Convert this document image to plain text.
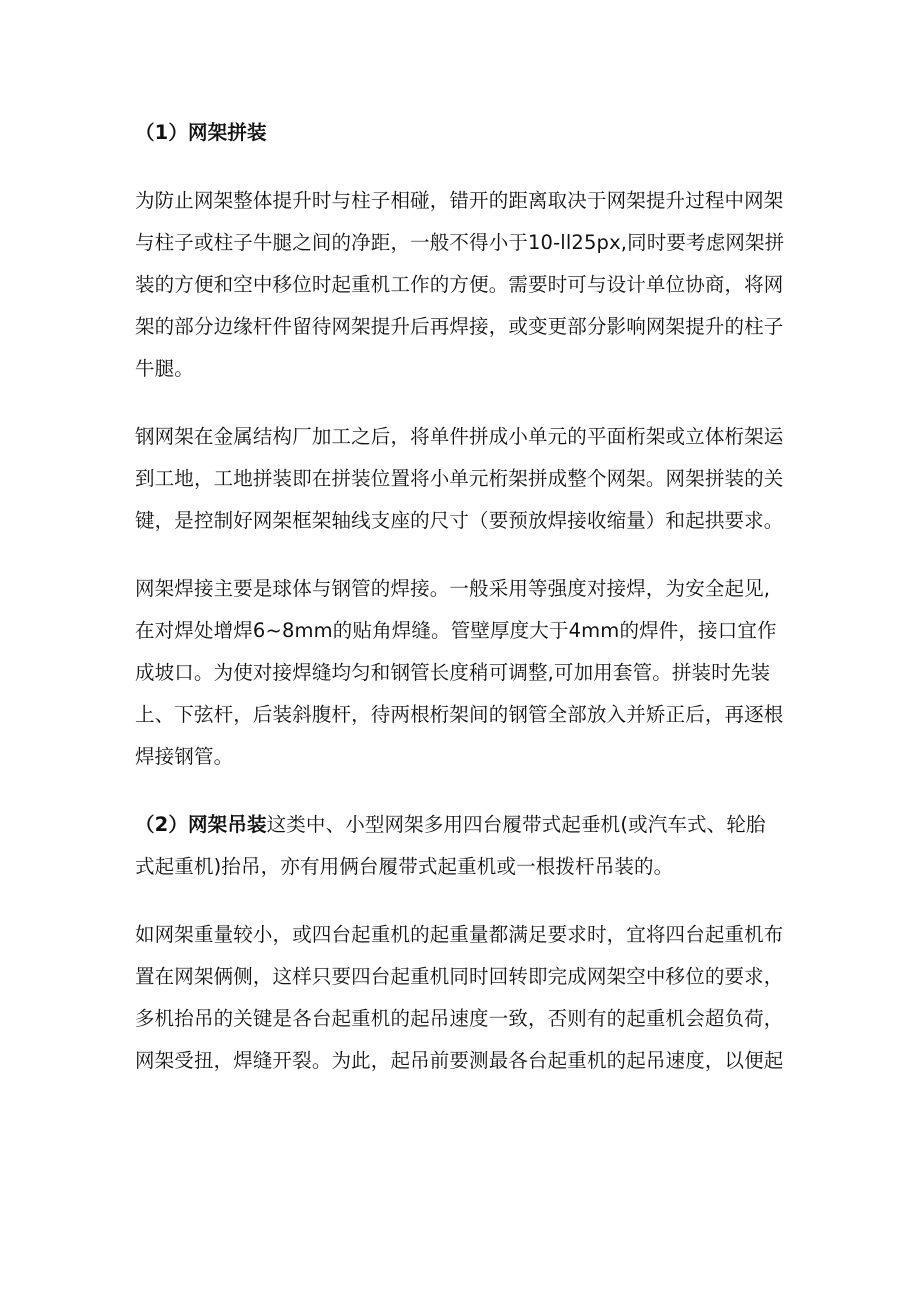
（1）网架拼装

为防止网架整体提升时与柱子相碰，错开的距离取决于网架提升过程中网架

与柱子或柱子牛腿之间的净距，一般不得小于10-ll25px,同时要考虑网架拼

装的方便和空中移位时起重机工作的方便。需要时可与设计单位协商，将网

架的部分边缘杆件留待网架提升后再焊接，或变更部分影响网架提升的柱子

牛腿。

钢网架在金属结构厂加工之后，将单件拼成小单元的平面桁架或立体桁架运

到工地，工地拼装即在拼装位置将小单元桁架拼成整个网架。网架拼装的关

键，是控制好网架框架轴线支座的尺寸（要预放焊接收缩量）和起拱要求。

网架焊接主要是球体与钢管的焊接。一般采用等强度对接焊，为安全起见,

在对焊处增焊6~8mm的贴角焊缝。管壁厚度大于4mm的焊件，接口宜作

成坡口。为使对接焊缝均匀和钢管长度稍可调整,可加用套管。拼装时先装

上、下弦杆，后装斜腹杆，待两根桁架间的钢管全部放入并矫正后，再逐根

焊接钢管。

（2）网架吊装这类中、小型网架多用四台履带式起垂机(或汽车式、轮胎

式起重机)抬吊，亦有用俩台履带式起重机或一根拨杆吊装的。

如网架重量较小，或四台起重机的起重量都满足要求时，宜将四台起重机布

置在网架俩侧，这样只要四台起重机同时回转即完成网架空中移位的要求，

多机抬吊的关键是各台起重机的起吊速度一致，否则有的起重机会超负荷，

网架受扭，焊缝开裂。为此，起吊前要测最各台起重机的起吊速度，以便起
